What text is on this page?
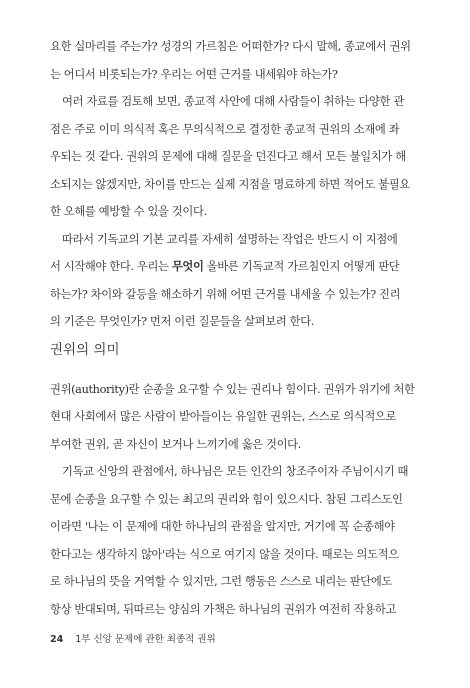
요한 실마리를 주는가? 성경의 가르침은 어떠한가? 다시 말해, 종교에서 권위
는 어디서 비롯되는가? 우리는 어떤 근거를 내세워야 하는가?
여러 자료를 검토해 보면, 종교적 사안에 대해 사람들이 취하는 다양한 관
점은 주로 이미 의식적 혹은 무의식적으로 결정한 종교적 권위의 소재에 좌
우되는 것 같다. 권위의 문제에 대해 질문을 던진다고 해서 모든 불일치가 해
소되지는 않겠지만, 차이를 만드는 실제 지점을 명료하게 하면 적어도 불필요
한 오해를 예방할 수 있을 것이다.
따라서 기독교의 기본 교리를 자세히 설명하는 작업은 반드시 이 지점에
서 시작해야 한다. 우리는 무엇이 올바른 기독교적 가르침인지 어떻게 판단
하는가? 차이와 갈등을 해소하기 위해 어떤 근거를 내세울 수 있는가? 진리
의 기준은 무엇인가? 먼저 이런 질문들을 살펴보려 한다.
권위의 의미
권위(authority)란 순종을 요구할 수 있는 권리나 힘이다. 권위가 위기에 처한
현대 사회에서 많은 사람이 받아들이는 유일한 권위는, 스스로 의식적으로
부여한 권위, 곧 자신이 보거나 느끼기에 옳은 것이다.
기독교 신앙의 관점에서, 하나님은 모든 인간의 창조주이자 주님이시기 때
문에 순종을 요구할 수 있는 최고의 권리와 힘이 있으시다. 참된 그리스도인
이라면 '나는 이 문제에 대한 하나님의 관점을 알지만, 거기에 꼭 순종해야
한다고는 생각하지 않아'라는 식으로 여기지 않을 것이다. 때로는 의도적으
로 하나님의 뜻을 거역할 수 있지만, 그런 행동은 스스로 내리는 판단에도
항상 반대되며, 뒤따르는 양심의 가책은 하나님의 권위가 여전히 작용하고
24 1부 신앙 문제에 관한 최종적 권위
